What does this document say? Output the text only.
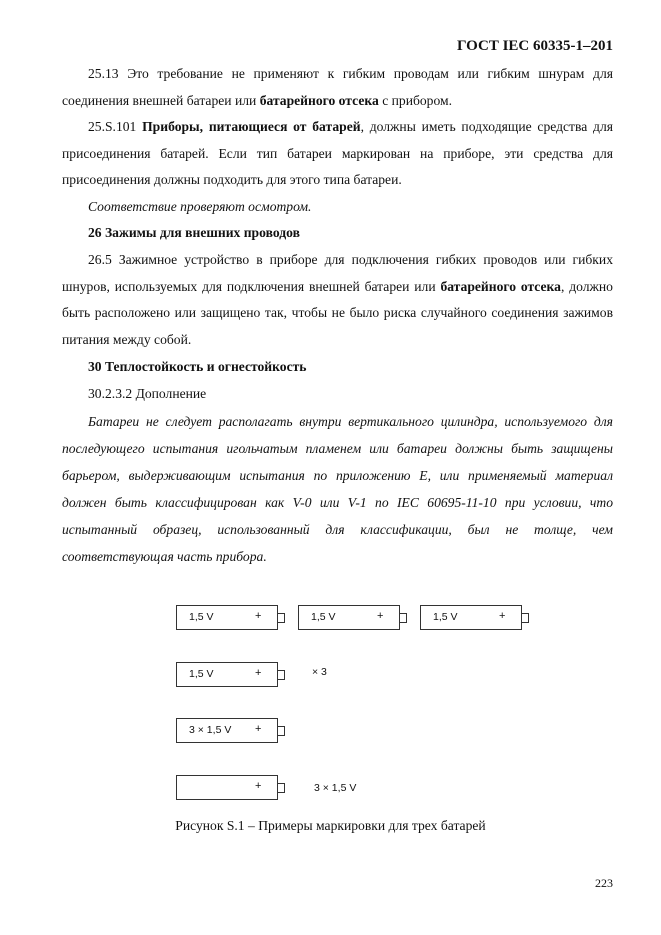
ГОСТ IEC 60335-1–201
25.13 Это требование не применяют к гибким проводам или гибким шнурам для соединения внешней батареи или батарейного отсека с прибором.
25.S.101 Приборы, питающиеся от батарей, должны иметь подходящие средства для присоединения батарей. Если тип батареи маркирован на приборе, эти средства для присоединения должны подходить для этого типа батареи.
Соответствие проверяют осмотром.
26 Зажимы для внешних проводов
26.5 Зажимное устройство в приборе для подключения гибких проводов или гибких шнуров, используемых для подключения внешней батареи или батарейного отсека, должно быть расположено или защищено так, чтобы не было риска случайного соединения зажимов питания между собой.
30 Теплостойкость и огнестойкость
30.2.3.2 Дополнение
Батареи не следует располагать внутри вертикального цилиндра, используемого для последующего испытания игольчатым пламенем или батареи должны быть защищены барьером, выдерживающим испытания по приложению E, или применяемый материал должен быть классифицирован как V-0 или V-1 по IEC 60695-11-10 при условии, что испытанный образец, использованный для классификации, был не толще, чем соответствующая часть прибора.
1,5 V	+	1,5 V	+	1,5 V	+
1,5 V	+	× 3
3 × 1,5 V +
+	3 × 1,5 V
Рисунок S.1 – Примеры маркировки для трех батарей
223
